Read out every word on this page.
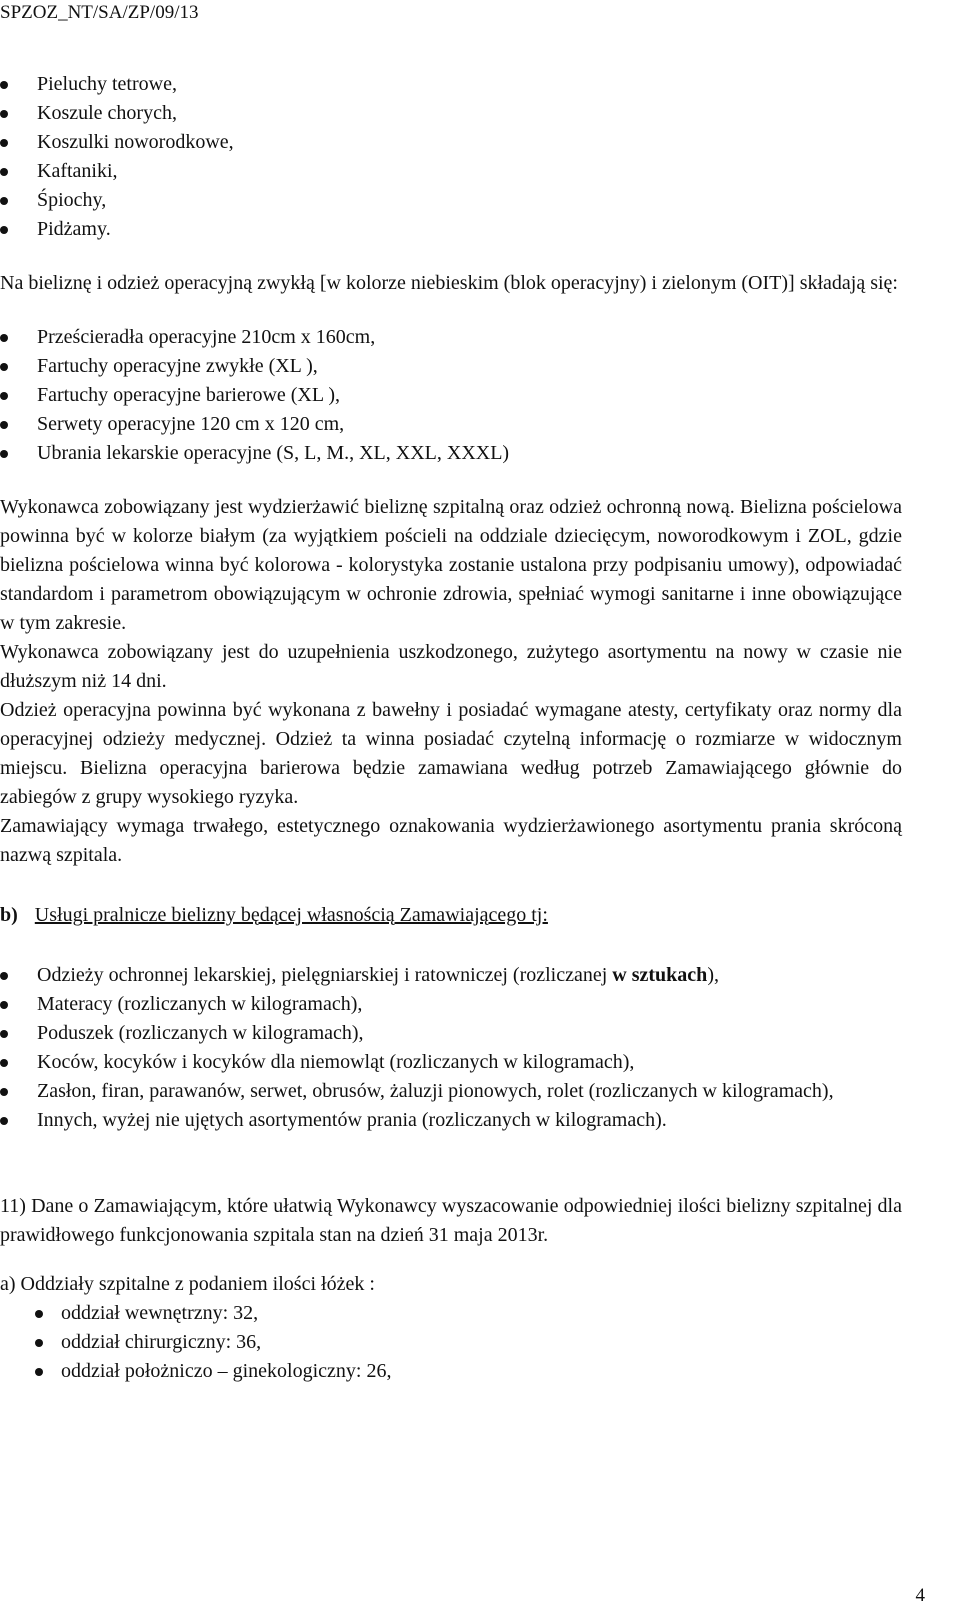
SPZOZ_NT/SA/ZP/09/13
Pieluchy tetrowe,
Koszule chorych,
Koszulki noworodkowe,
Kaftaniki,
Śpiochy,
Pidżamy.

Na bieliznę i odzież operacyjną zwykłą [w kolorze niebieskim (blok operacyjny) i zielonym (OIT)] składają się:

Prześcieradła operacyjne 210cm x 160cm,
Fartuchy operacyjne zwykłe (XL ),
Fartuchy operacyjne barierowe (XL ),
Serwety operacyjne 120 cm x 120 cm,
Ubrania lekarskie operacyjne (S, L, M., XL, XXL, XXXL)

Wykonawca zobowiązany jest wydzierżawić bieliznę szpitalną oraz odzież ochronną nową. Bielizna pościelowa powinna być w kolorze białym (za wyjątkiem pościeli na oddziale dziecięcym, noworodkowym i ZOL, gdzie bielizna pościelowa winna być kolorowa - kolorystyka zostanie ustalona przy podpisaniu umowy), odpowiadać standardom i parametrom obowiązującym w ochronie zdrowia, spełniać wymogi sanitarne i inne obowiązujące w tym zakresie.

Wykonawca zobowiązany jest do uzupełnienia uszkodzonego, zużytego asortymentu na nowy w czasie nie dłuższym niż 14 dni.

Odzież operacyjna powinna być wykonana z bawełny i posiadać wymagane atesty, certyfikaty oraz normy dla operacyjnej odzieży medycznej. Odzież ta winna posiadać czytelną informację o rozmiarze w widocznym miejscu. Bielizna operacyjna barierowa będzie zamawiana według potrzeb Zamawiającego głównie do zabiegów z grupy wysokiego ryzyka.

Zamawiający wymaga trwałego, estetycznego oznakowania wydzierżawionego asortymentu prania skróconą nazwą szpitala.

b) Usługi pralnicze bielizny będącej własnością Zamawiającego tj:
Odzieży ochronnej lekarskiej, pielęgniarskiej i ratowniczej (rozliczanej w sztukach),
Materacy (rozliczanych w kilogramach),
Poduszek (rozliczanych w kilogramach),
Koców, kocyków i kocyków dla niemowląt (rozliczanych w kilogramach),
Zasłon, firan, parawanów, serwet, obrusów, żaluzji pionowych, rolet (rozliczanych w kilogramach),
Innych, wyżej nie ujętych asortymentów prania (rozliczanych w kilogramach).

11) Dane o Zamawiającym, które ułatwią Wykonawcy wyszacowanie odpowiedniej ilości bielizny szpitalnej dla prawidłowego funkcjonowania szpitala stan na dzień 31 maja 2013r.

a) Oddziały szpitalne z podaniem ilości łóżek :

oddział wewnętrzny: 32,
oddział chirurgiczny: 36,
oddział położniczo – ginekologiczny: 26,
4
